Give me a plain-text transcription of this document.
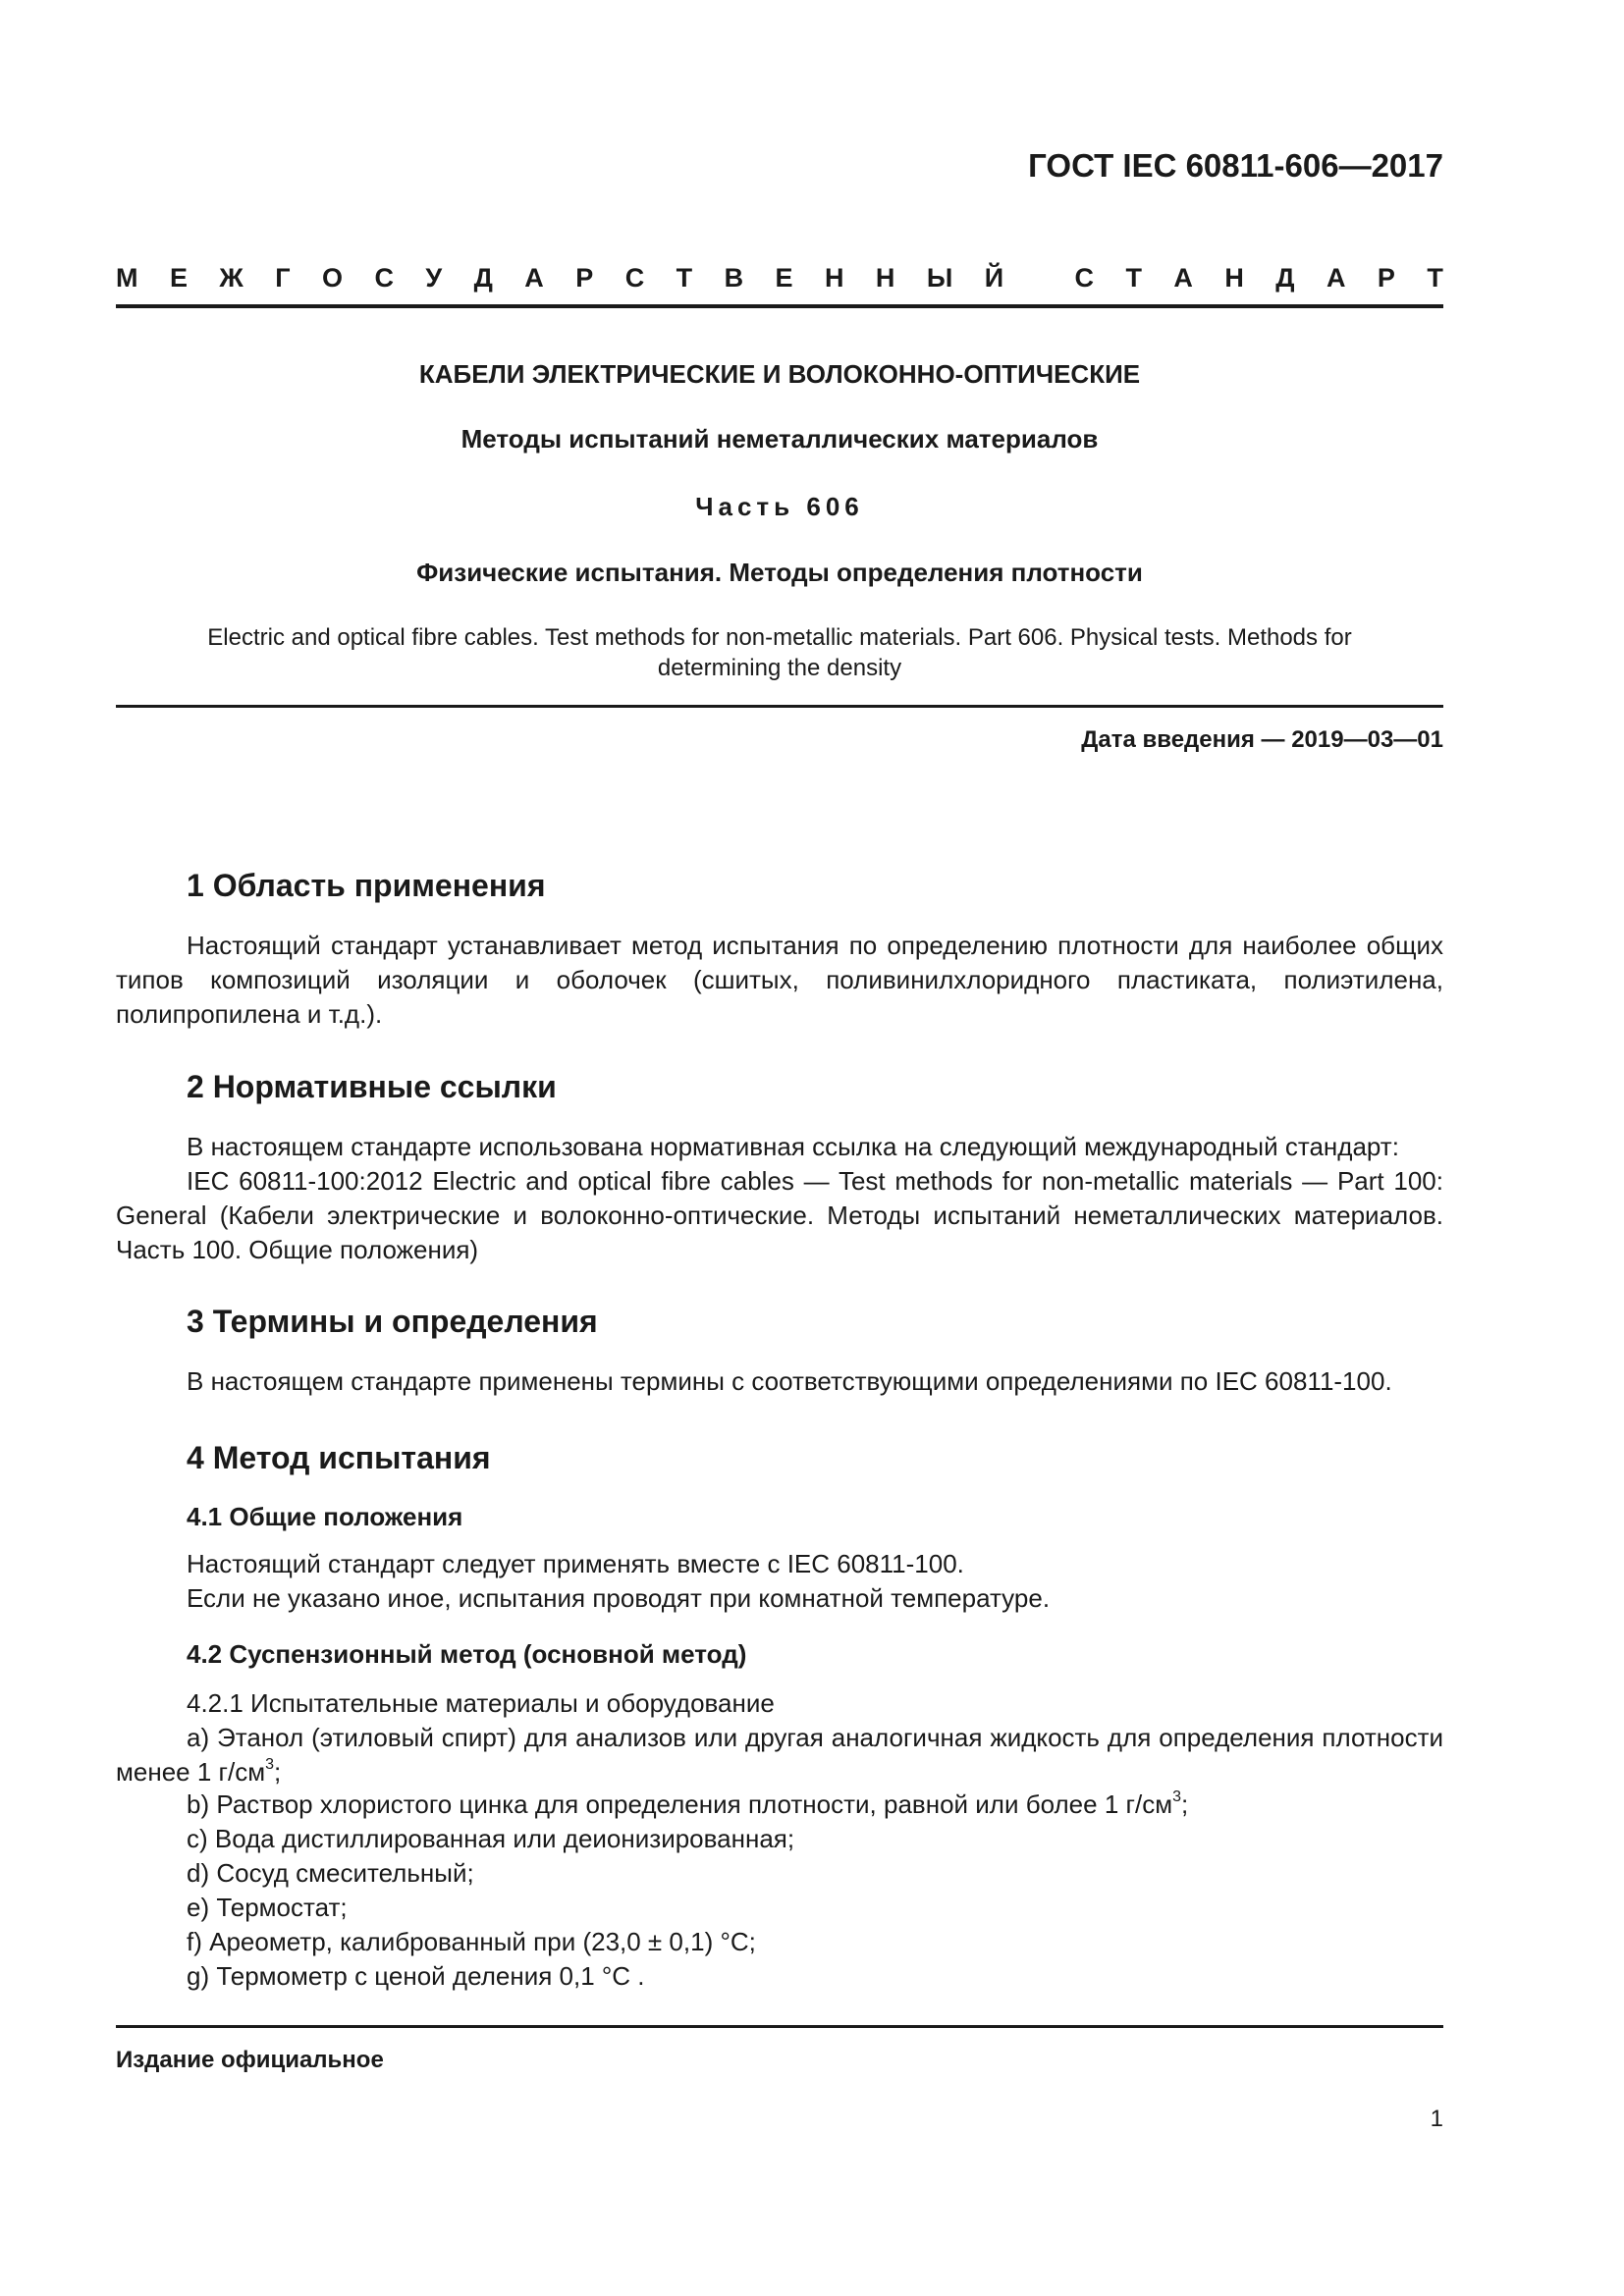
ГОСТ IEC 60811-606—2017
М Е Ж Г О С У Д А Р С Т В Е Н Н Ы Й
	С Т А Н Д А Р Т
КАБЕЛИ ЭЛЕКТРИЧЕСКИЕ И ВОЛОКОННО-ОПТИЧЕСКИЕ
Методы испытаний неметаллических материалов
Часть 606
Физические испытания. Методы определения плотности
Electric and optical fibre cables. Test methods for non-metallic materials. Part 606. Physical tests. Methods for determining the density
Дата введения — 2019—03—01
1 Область применения

Настоящий стандарт устанавливает метод испытания по определению плотности для наиболее общих типов композиций изоляции и оболочек (сшитых, поливинилхлоридного пластиката, полиэтилена, полипропилена и т.д.).

2 Нормативные ссылки

В настоящем стандарте использована нормативная ссылка на следующий международный стандарт:

IEC 60811-100:2012 Electric and optical fibre cables — Test methods for non-metallic materials — Part 100: General (Кабели электрические и волоконно-оптические. Методы испытаний неметаллических материалов. Часть 100. Общие положения)

3 Термины и определения

В настоящем стандарте применены термины с соответствующими определениями по IEC 60811-100.

4 Метод испытания
4.1 Общие положения
Настоящий стандарт следует применять вместе с IEC 60811-100.
Если не указано иное, испытания проводят при комнатной температуре.
4.2 Суспензионный метод (основной метод)
4.2.1 Испытательные материалы и оборудование

а) Этанол (этиловый спирт) для анализов или другая аналогичная жидкость для определения плотности менее 1 $г/см^3$;

b) Раствор хлористого цинка для определения плотности, равной или более 1 $г/см^3$;
c) Вода дистиллированная или деионизированная;
d) Сосуд смесительный;
e) Термостат;
f) Ареометр, калиброванный при (23,0 ± 0,1) °С;
g) Термометр с ценой деления 0,1 °С .
Издание официальное
1
